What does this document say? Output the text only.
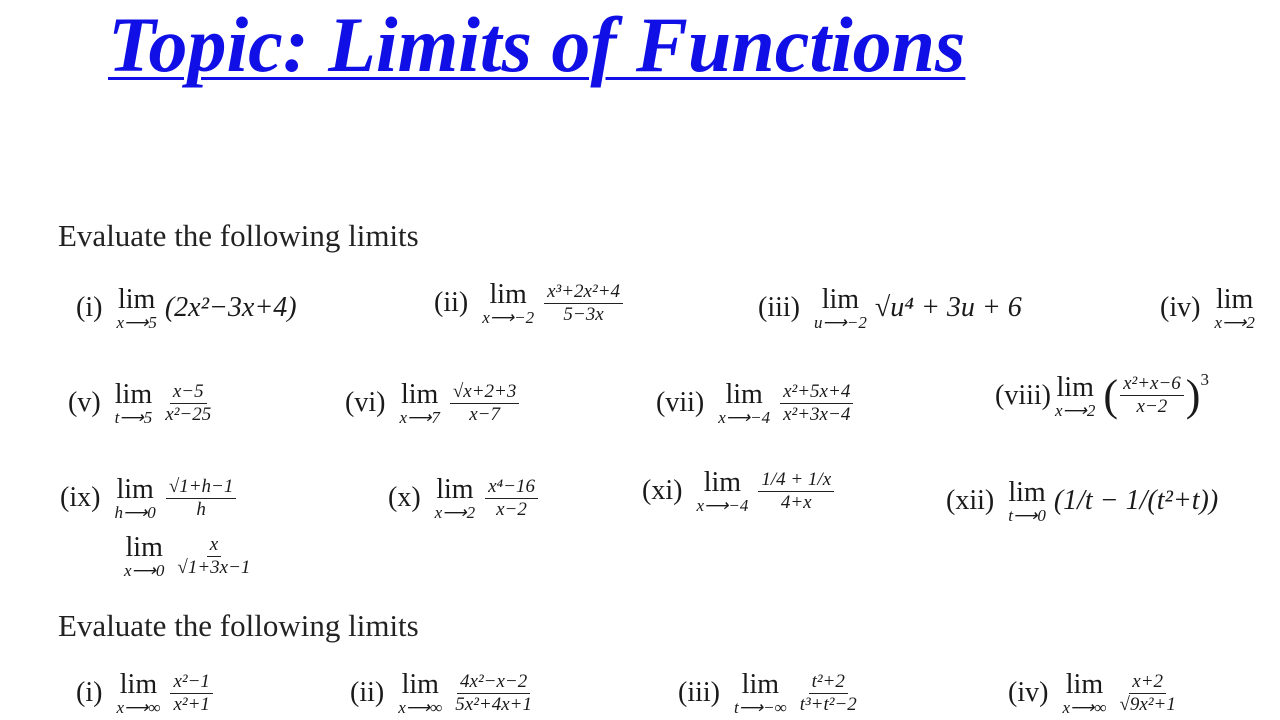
Topic: Limits of Functions
Evaluate the following limits
(i) lim
x⟶5 (2x²−3x+4)	(ii) lim
x⟶−2 $\frac{\text{x³+2x²+4}}{5-3x}$	(iii) lim
u⟶−2 √u⁴ + 3u + 6	(iv) lim
x⟶2
(v) lim
t⟶5 $\frac{x-5}{\text{x²−25}}$	(vi) lim
x⟶7 $\frac{√x+2+3}{x-7}$	(vii) lim
x⟶−4 $\frac{\text{x²+5x+4}}{\text{x²+3x−4}}$	(viii) lim
x⟶2 ( $\frac{\text{x²+x−6}}{x-2}$ ) 3
(ix) lim
h⟶0 $\frac{√1+h-1}{h}$	(x) lim
x⟶2 $\frac{\text{x⁴−16}}{x-2}$	(xi) lim
x⟶−4 $\frac{1/4 + 1/x}{4+x}$	(xii) lim
t⟶0 (1/t − 1/(t²+t))
lim
x⟶0 $\frac{x}{√1+3x-1}$
Evaluate the following limits
(i) lim
x⟶∞ $\frac{\text{x²−1}}{\text{x²+1}}$	(ii) lim
x⟶∞ $\frac{\text{4x²−x−2}}{\text{5x²+4x+1}}$	(iii) lim
t⟶−∞ $\frac{\text{t²+2}}{\text{t³+t²−2}}$	(iv) lim
x⟶∞ $\frac{x+2}{\text{√9x²+1}}$
